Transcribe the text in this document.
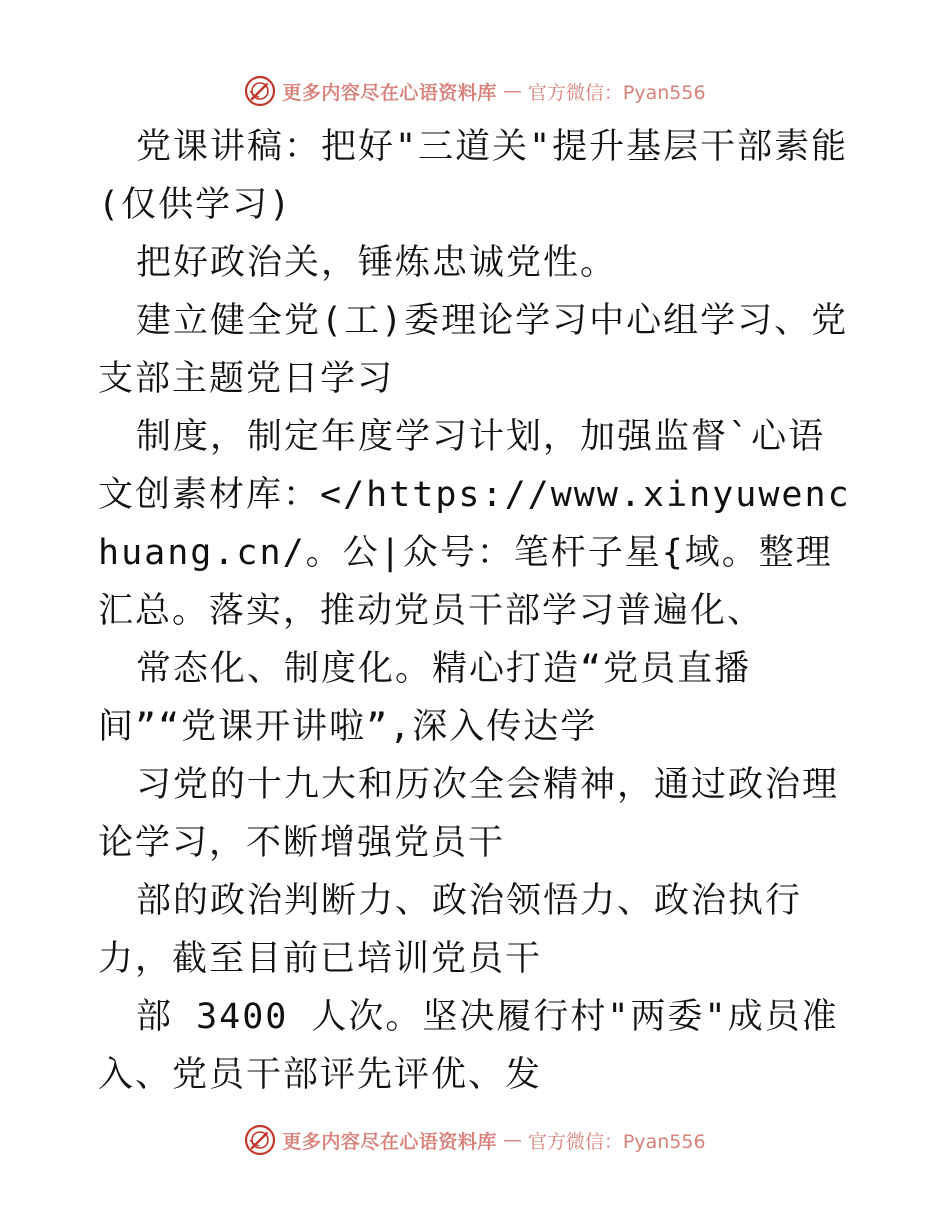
更多内容尽在心语资料库 — 官方微信：Pyan556

党课讲稿：把好"三道关"提升基层干部素能(仅供学习)

把好政治关，锤炼忠诚党性。

建立健全党(工)委理论学习中心组学习、党支部主题党日学习

制度，制定年度学习计划，加强监督`心语文创素材库：</https://www.xinyuwenchuang.cn/。公|众号：笔杆子星{域。整理汇总。落实，推动党员干部学习普遍化、

常态化、制度化。精心打造“党员直播间”“党课开讲啦”,深入传达学

习党的十九大和历次全会精神，通过政治理论学习，不断增强党员干

部的政治判断力、政治领悟力、政治执行力，截至目前已培训党员干

部 3400 人次。坚决履行村"两委"成员准入、党员干部评先评优、发

更多内容尽在心语资料库 — 官方微信：Pyan556
